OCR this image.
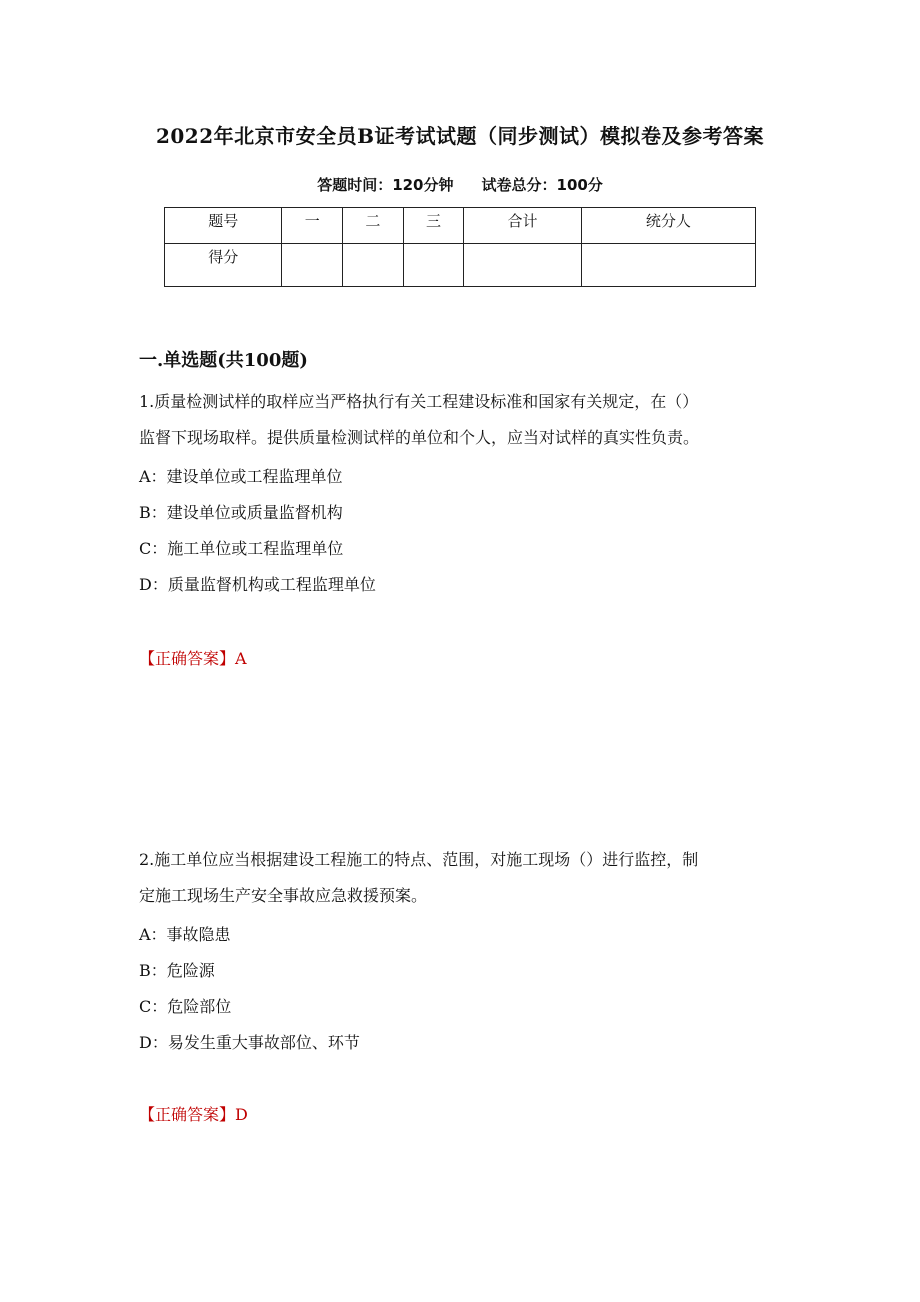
2022年北京市安全员B证考试试题（同步测试）模拟卷及参考答案
答题时间：120分钟 试卷总分：100分
题号	一	二	三	合计	统分人
得分					
一.单选题(共100题)
1.质量检测试样的取样应当严格执行有关工程建设标准和国家有关规定，在（）
监督下现场取样。提供质量检测试样的单位和个人，应当对试样的真实性负责。
A：建设单位或工程监理单位
B：建设单位或质量监督机构
C：施工单位或工程监理单位
D：质量监督机构或工程监理单位
【正确答案】A
2.施工单位应当根据建设工程施工的特点、范围，对施工现场（）进行监控，制
定施工现场生产安全事故应急救援预案。
A：事故隐患
B：危险源
C：危险部位
D：易发生重大事故部位、环节
【正确答案】D
